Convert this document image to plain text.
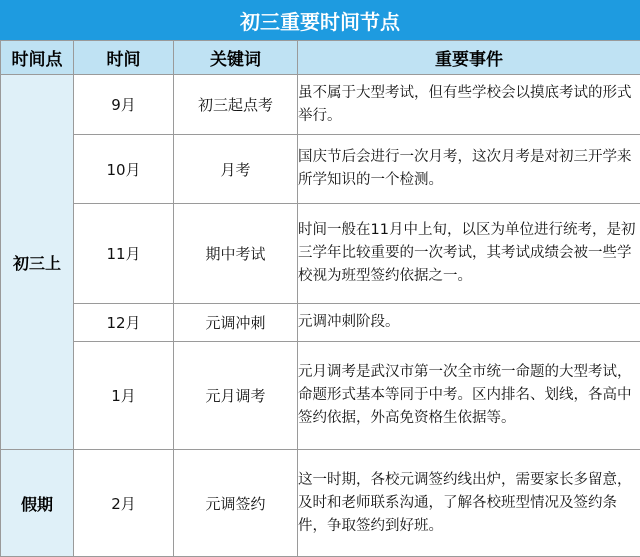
初三重要时间节点
时间点	时间	关键词	重要事件
初三上	9月	初三起点考	虽不属于大型考试，但有些学校会以摸底考试的形式举行。
	10月	月考	国庆节后会进行一次月考，这次月考是对初三开学来所学知识的一个检测。
	11月	期中考试	时间一般在11月中上旬，以区为单位进行统考，是初三学年比较重要的一次考试，其考试成绩会被一些学校视为班型签约依据之一。
	12月	元调冲刺	元调冲刺阶段。
	1月	元月调考	元月调考是武汉市第一次全市统一命题的大型考试，命题形式基本等同于中考。区内排名、划线，各高中签约依据，外高免资格生依据等。
假期	2月	元调签约	这一时期，各校元调签约线出炉，需要家长多留意，及时和老师联系沟通，了解各校班型情况及签约条件，争取签约到好班。
